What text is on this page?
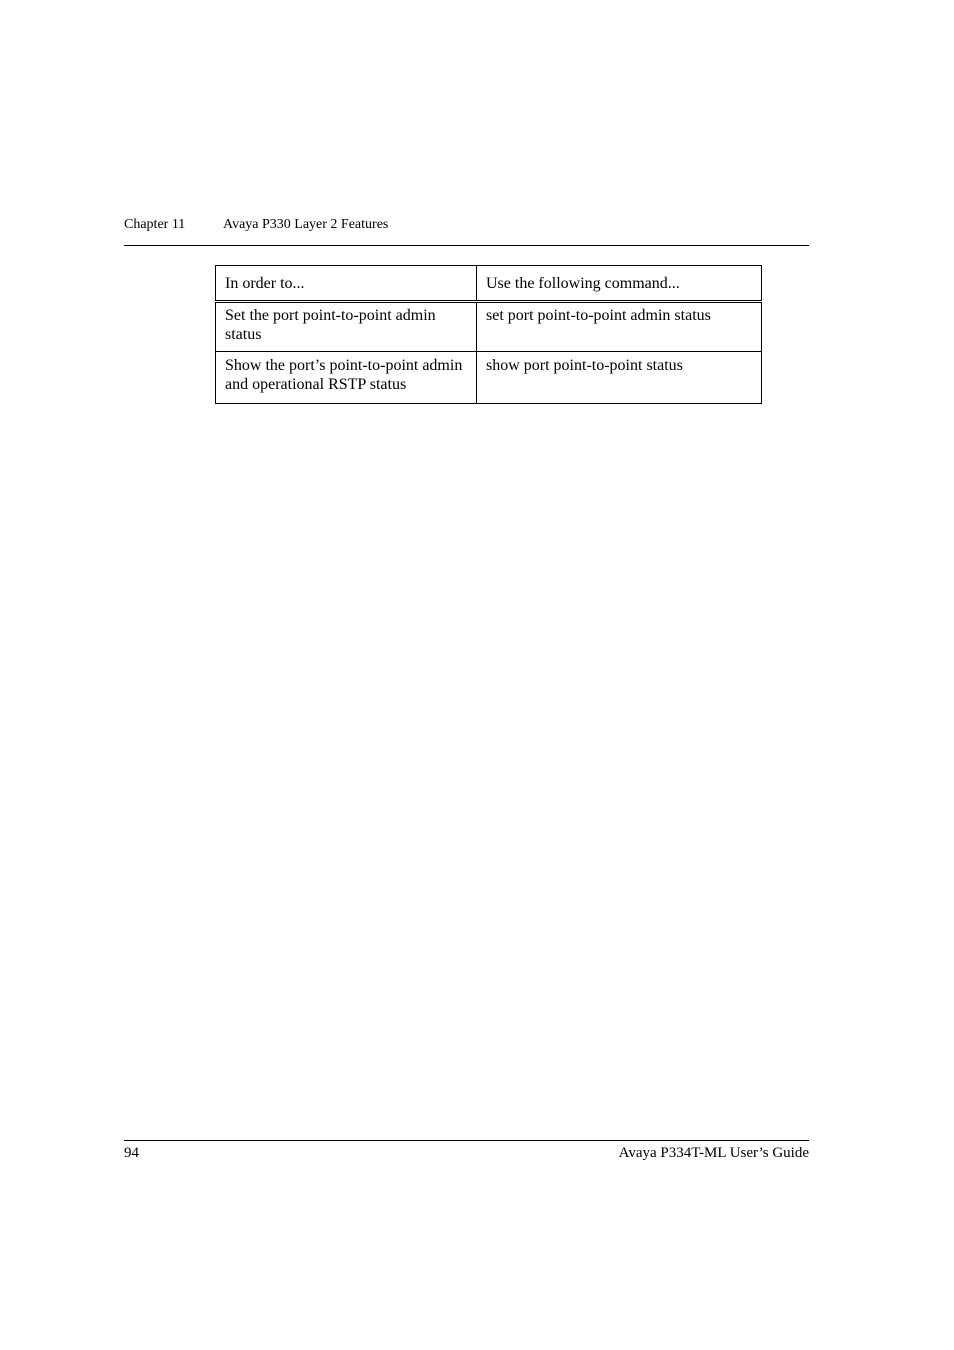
Chapter 11	Avaya P330 Layer 2 Features
In order to...	Use the following command...
Set the port point-to-point admin status	set port point-to-point admin status
Show the port’s point-to-point admin and operational RSTP status	show port point-to-point status
94	Avaya P334T-ML User’s Guide
